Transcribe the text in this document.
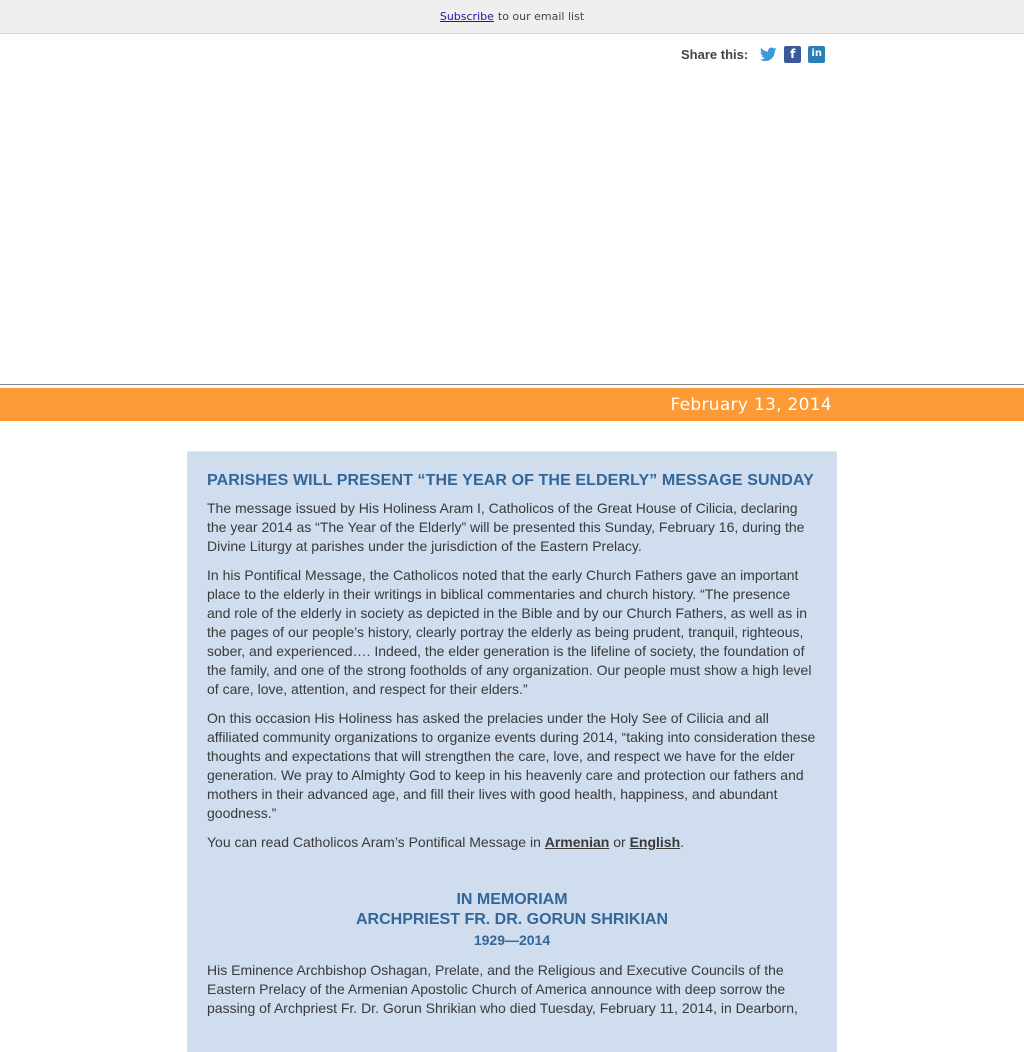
Subscribe to our email list
Share this:	f	in
February 13, 2014
PARISHES WILL PRESENT “THE YEAR OF THE ELDERLY” MESSAGE SUNDAY

The message issued by His Holiness Aram I, Catholicos of the Great House of Cilicia, declaring the year 2014 as “The Year of the Elderly” will be presented this Sunday, February 16, during the Divine Liturgy at parishes under the jurisdiction of the Eastern Prelacy.

In his Pontifical Message, the Catholicos noted that the early Church Fathers gave an important place to the elderly in their writings in biblical commentaries and church history. “The presence and role of the elderly in society as depicted in the Bible and by our Church Fathers, as well as in the pages of our people’s history, clearly portray the elderly as being prudent, tranquil, righteous, sober, and experienced…. Indeed, the elder generation is the lifeline of society, the foundation of the family, and one of the strong footholds of any organization. Our people must show a high level of care, love, attention, and respect for their elders.”

On this occasion His Holiness has asked the prelacies under the Holy See of Cilicia and all affiliated community organizations to organize events during 2014, “taking into consideration these thoughts and expectations that will strengthen the care, love, and respect we have for the elder generation. We pray to Almighty God to keep in his heavenly care and protection our fathers and mothers in their advanced age, and fill their lives with good health, happiness, and abundant goodness.”

You can read Catholicos Aram’s Pontifical Message in Armenian or English.

IN MEMORIAM
ARCHPRIEST FR. DR. GORUN SHRIKIAN
1929—2014

His Eminence Archbishop Oshagan, Prelate, and the Religious and Executive Councils of the Eastern Prelacy of the Armenian Apostolic Church of America announce with deep sorrow the passing of Archpriest Fr. Dr. Gorun Shrikian who died Tuesday, February 11, 2014, in Dearborn,
